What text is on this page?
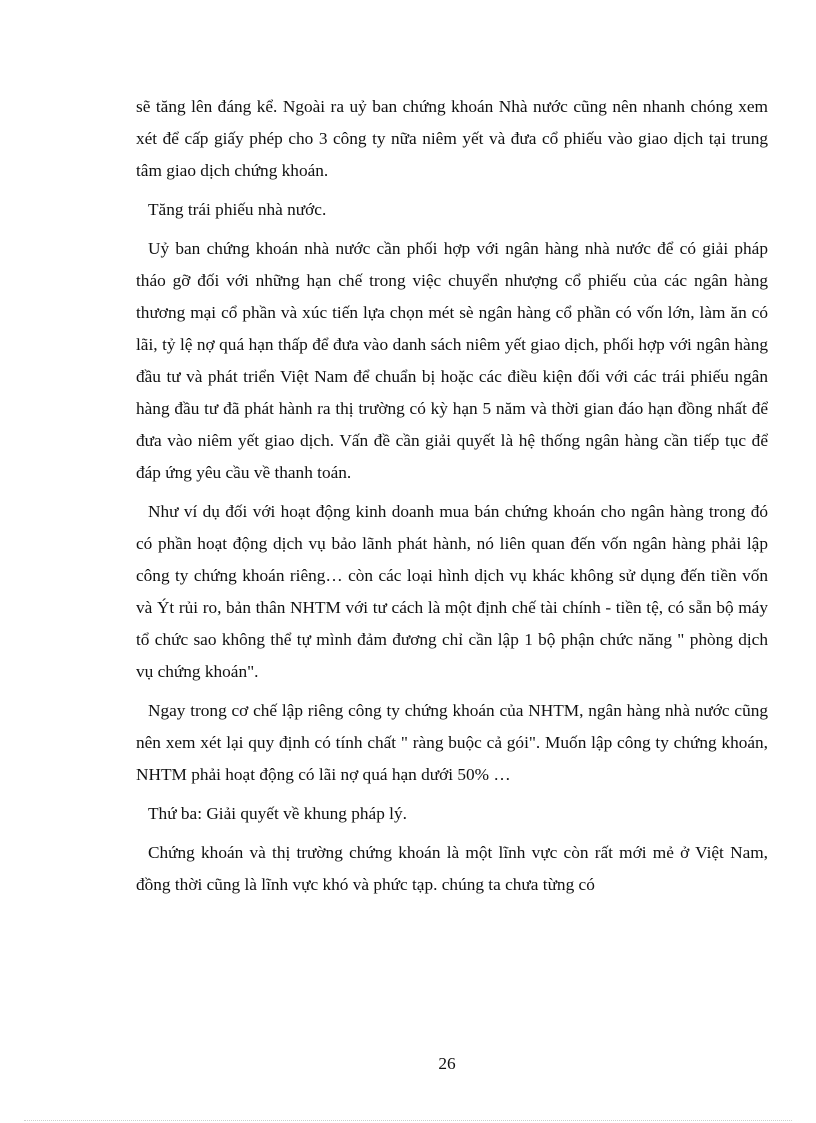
sẽ tăng lên đáng kể. Ngoài ra uỷ ban chứng khoán Nhà nước cũng nên nhanh chóng xem xét để cấp giấy phép cho 3 công ty nữa niêm yết và đưa cổ phiếu vào giao dịch tại trung tâm giao dịch chứng khoán.

Tăng trái phiếu nhà nước.

Uỷ ban chứng khoán nhà nước cần phối hợp với ngân hàng nhà nước để có giải pháp tháo gỡ đối với những hạn chế trong việc chuyển nhượng cổ phiếu của các ngân hàng thương mại cổ phần và xúc tiến lựa chọn mét sè ngân hàng cổ phần có vốn lớn, làm ăn có lãi, tỷ lệ nợ quá hạn thấp để đưa vào danh sách niêm yết giao dịch, phối hợp với ngân hàng đầu tư và phát triển Việt Nam để chuẩn bị hoặc các điều kiện đối với các trái phiếu ngân hàng đầu tư đã phát hành ra thị trường có kỳ hạn 5 năm và thời gian đáo hạn đồng nhất để đưa vào niêm yết giao dịch. Vấn đề cần giải quyết là hệ thống ngân hàng cần tiếp tục để đáp ứng yêu cầu về thanh toán.

Như ví dụ đối với hoạt động kinh doanh mua bán chứng khoán cho ngân hàng trong đó có phần hoạt động dịch vụ bảo lãnh phát hành, nó liên quan đến vốn ngân hàng phải lập công ty chứng khoán riêng… còn các loại hình dịch vụ khác không sử dụng đến tiền vốn và Ýt rủi ro, bản thân NHTM với tư cách là một định chế tài chính - tiền tệ, có sẵn bộ máy tổ chức sao không thể tự mình đảm đương chỉ cần lập 1 bộ phận chức năng " phòng dịch vụ chứng khoán".

Ngay trong cơ chế lập riêng công ty chứng khoán của NHTM, ngân hàng nhà nước cũng nên xem xét lại quy định có tính chất " ràng buộc cả gói". Muốn lập công ty chứng khoán, NHTM phải hoạt động có lãi nợ quá hạn dưới 50% …

Thứ ba: Giải quyết về khung pháp lý.

Chứng khoán và thị trường chứng khoán là một lĩnh vực còn rất mới mẻ ở Việt Nam, đồng thời cũng là lĩnh vực khó và phức tạp. chúng ta chưa từng có

26
